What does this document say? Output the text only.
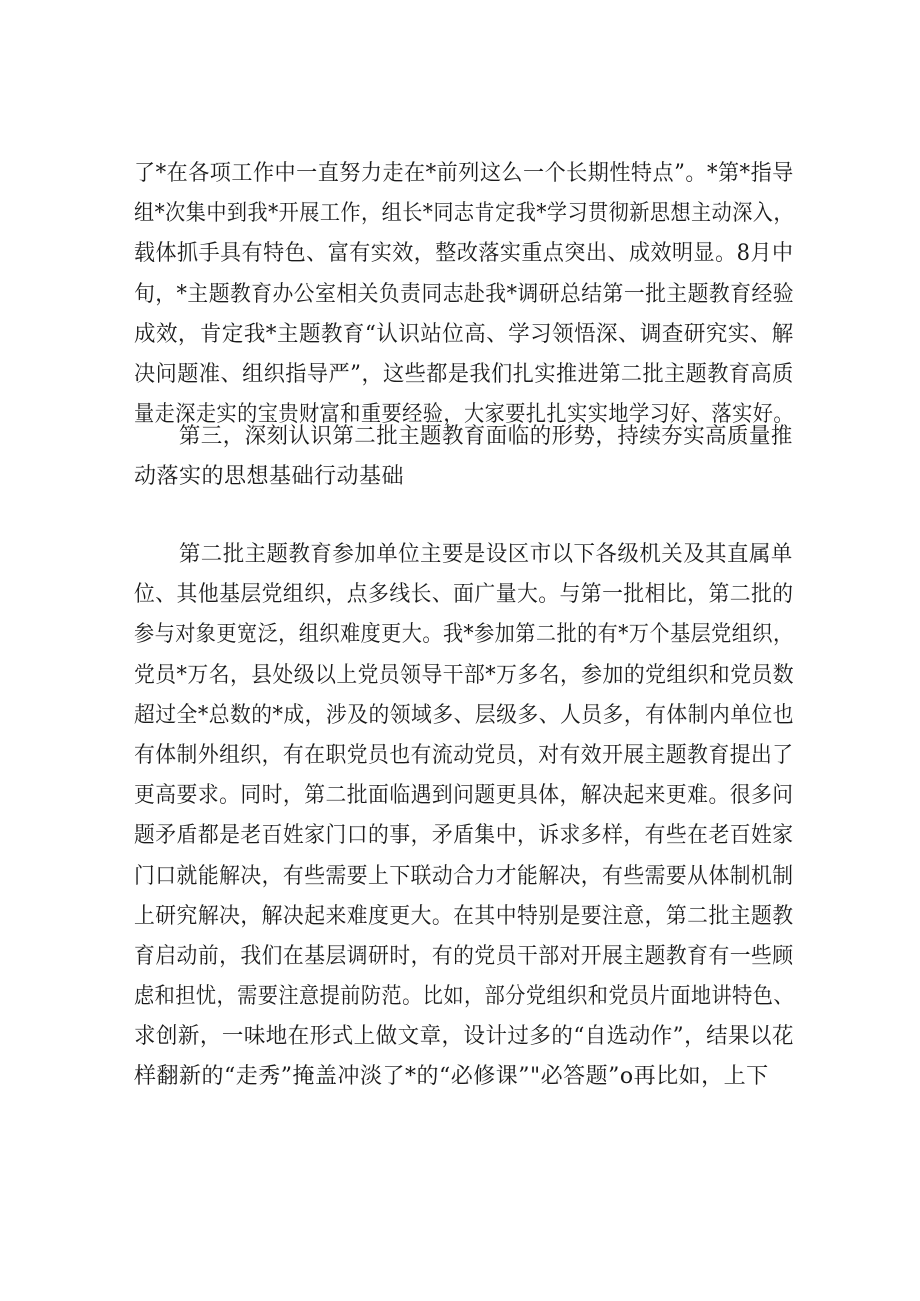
了*在各项工作中一直努力走在*前列这么一个长期性特点”。*第*指导
组*次集中到我*开展工作，组长*同志肯定我*学习贯彻新思想主动深入，
载体抓手具有特色、富有实效，整改落实重点突出、成效明显。8月中
旬，*主题教育办公室相关负责同志赴我*调研总结第一批主题教育经验
成效，肯定我*主题教育“认识站位高、学习领悟深、调查研究实、解
决问题准、组织指导严”，这些都是我们扎实推进第二批主题教育高质
量走深走实的宝贵财富和重要经验，大家要扎扎实实地学习好、落实好。
第三，深刻认识第二批主题教育面临的形势，持续夯实高质量推
动落实的思想基础行动基础
第二批主题教育参加单位主要是设区市以下各级机关及其直属单
位、其他基层党组织，点多线长、面广量大。与第一批相比，第二批的
参与对象更宽泛，组织难度更大。我*参加第二批的有*万个基层党组织，
党员*万名，县处级以上党员领导干部*万多名，参加的党组织和党员数
超过全*总数的*成，涉及的领域多、层级多、人员多，有体制内单位也
有体制外组织，有在职党员也有流动党员，对有效开展主题教育提出了
更高要求。同时，第二批面临遇到问题更具体，解决起来更难。很多问
题矛盾都是老百姓家门口的事，矛盾集中，诉求多样，有些在老百姓家
门口就能解决，有些需要上下联动合力才能解决，有些需要从体制机制
上研究解决，解决起来难度更大。在其中特别是要注意，第二批主题教
育启动前，我们在基层调研时，有的党员干部对开展主题教育有一些顾
虑和担忧，需要注意提前防范。比如，部分党组织和党员片面地讲特色、
求创新，一味地在形式上做文章，设计过多的“自选动作”，结果以花
样翻新的“走秀”掩盖冲淡了*的“必修课”"必答题”o再比如，上下
